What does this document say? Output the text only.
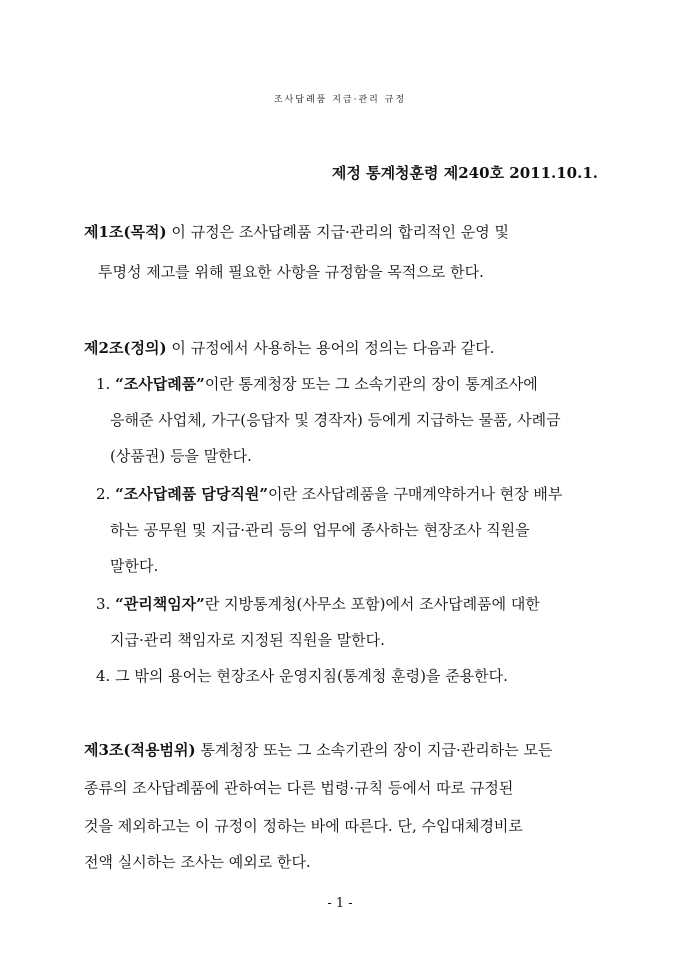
조사답례품 지급·관리 규정
제정 통계청훈령 제240호 2011.10.1.
제1조(목적) 이 규정은 조사답례품 지급·관리의 합리적인 운영 및
투명성 제고를 위해 필요한 사항을 규정함을 목적으로 한다.
제2조(정의) 이 규정에서 사용하는 용어의 정의는 다음과 같다.
1. “조사답례품”이란 통계청장 또는 그 소속기관의 장이 통계조사에
응해준 사업체, 가구(응답자 및 경작자) 등에게 지급하는 물품, 사례금
(상품권) 등을 말한다.
2. “조사답례품 담당직원”이란 조사답례품을 구매계약하거나 현장 배부
하는 공무원 및 지급·관리 등의 업무에 종사하는 현장조사 직원을
말한다.
3. “관리책임자”란 지방통계청(사무소 포함)에서 조사답례품에 대한
지급·관리 책임자로 지정된 직원을 말한다.
4. 그 밖의 용어는 현장조사 운영지침(통계청 훈령)을 준용한다.
제3조(적용범위) 통계청장 또는 그 소속기관의 장이 지급·관리하는 모든
종류의 조사답례품에 관하여는 다른 법령·규칙 등에서 따로 규정된
것을 제외하고는 이 규정이 정하는 바에 따른다. 단, 수입대체경비로
전액 실시하는 조사는 예외로 한다.
- 1 -
